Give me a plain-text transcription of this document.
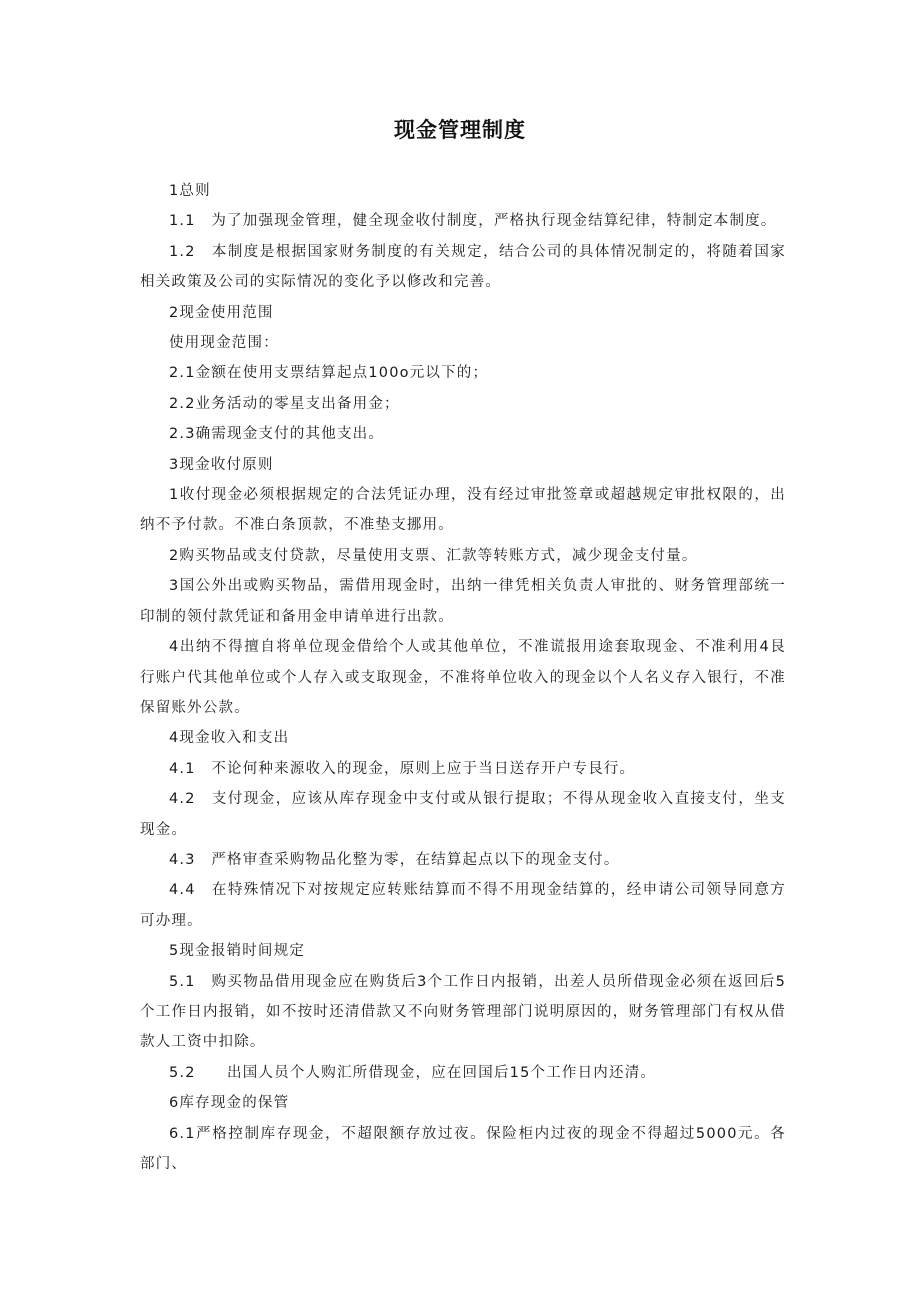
现金管理制度

1总则

1.1　为了加强现金管理，健全现金收付制度，严格执行现金结算纪律，特制定本制度。

1.2　本制度是根据国家财务制度的有关规定，结合公司的具体情况制定的，将随着国家相关政策及公司的实际情况的变化予以修改和完善。

2现金使用范围

使用现金范围：

2.1金额在使用支票结算起点100o元以下的；

2.2业务活动的零星支出备用金；

2.3确需现金支付的其他支出。

3现金收付原则

1收付现金必须根据规定的合法凭证办理，没有经过审批签章或超越规定审批权限的，出纳不予付款。不准白条顶款，不准垫支挪用。

2购买物品或支付贷款，尽量使用支票、汇款等转账方式，减少现金支付量。

3国公外出或购买物品，需借用现金时，出纳一律凭相关负责人审批的、财务管理部统一印制的领付款凭证和备用金申请单进行出款。

4出纳不得擅自将单位现金借给个人或其他单位，不准谎报用途套取现金、不准利用4艮行账户代其他单位或个人存入或支取现金，不准将单位收入的现金以个人名义存入银行，不准保留账外公款。

4现金收入和支出

4.1　不论何种来源收入的现金，原则上应于当日送存开户专艮行。

4.2　支付现金，应该从库存现金中支付或从银行提取；不得从现金收入直接支付，坐支现金。

4.3　严格审查采购物品化整为零，在结算起点以下的现金支付。

4.4　在特殊情况下对按规定应转账结算而不得不用现金结算的，经申请公司领导同意方可办理。

5现金报销时间规定

5.1　购买物品借用现金应在购货后3个工作日内报销，出差人员所借现金必须在返回后5个工作日内报销，如不按时还清借款又不向财务管理部门说明原因的，财务管理部门有权从借款人工资中扣除。

5.2　　出国人员个人购汇所借现金，应在回国后15个工作日内还清。

6库存现金的保管

6.1严格控制库存现金，不超限额存放过夜。保险柜内过夜的现金不得超过5000元。各部门、
